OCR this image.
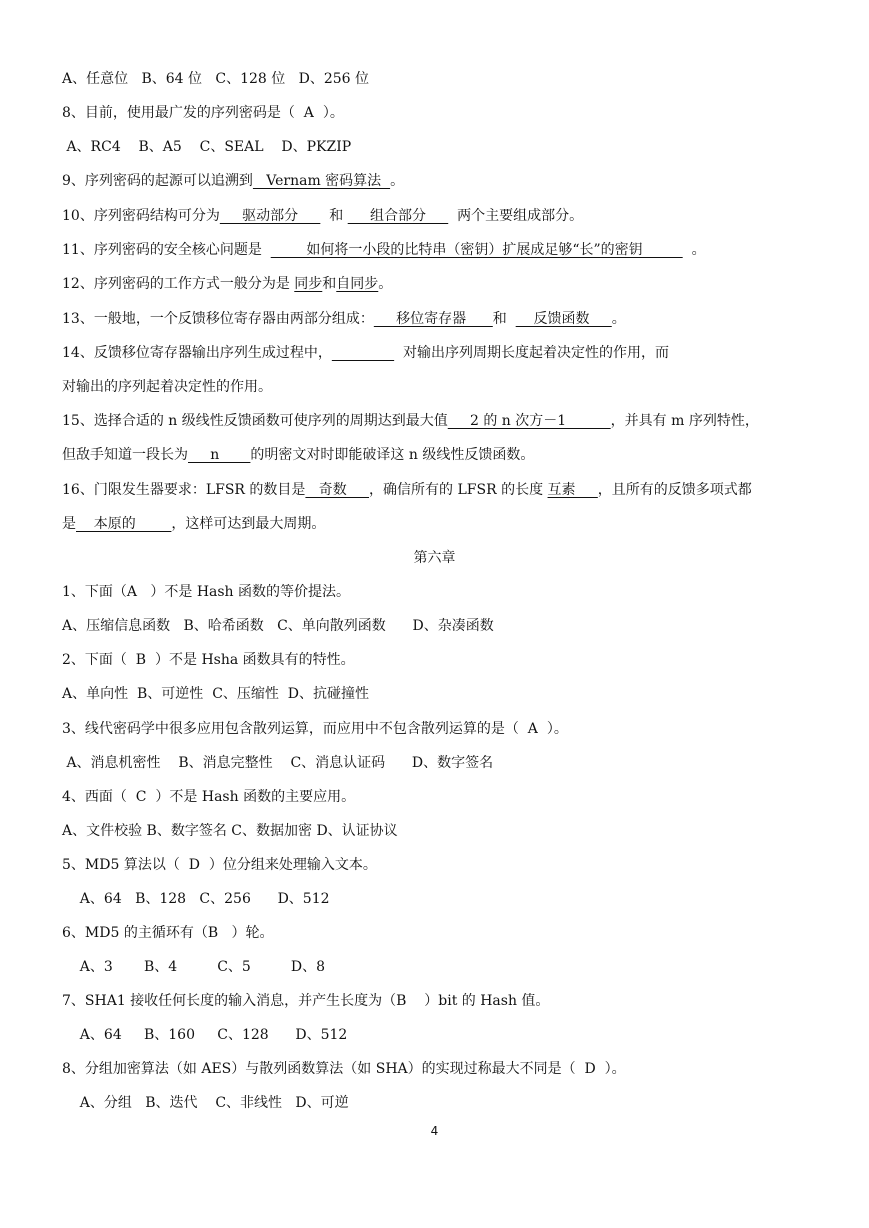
A、任意位   B、64 位   C、128 位   D、256 位
8、目前，使用最广发的序列密码是（  A  ）。
A、RC4    B、A5    C、SEAL    D、PKZIP
9、序列密码的起源可以追溯到   Vernam 密码算法  。
10、序列密码结构可分为     驱动部分       和      组合部分       两个主要组成部分。
11、序列密码的安全核心问题是          如何将一小段的比特串（密钥）扩展成足够“长”的密钥           。
12、序列密码的工作方式一般分为是 同步和自同步。
13、一般地，一个反馈移位寄存器由两部分组成：     移位寄存器      和      反馈函数     。
14、反馈移位寄存器输出序列生成过程中，	对输出序列周期长度起着决定性的作用，而
对输出的序列起着决定性的作用。
15、选择合适的 n 级线性反馈函数可使序列的周期达到最大值     2 的 n 次方－1          ，并具有 m 序列特性，
但敌手知道一段长为     n       的明密文对时即能破译这 n 级线性反馈函数。
16、门限发生器要求：LFSR 的数目是   奇数     ，确信所有的 LFSR 的长度 互素     ，且所有的反馈多项式都
是    本原的        ，这样可达到最大周期。
第六章
1、下面（A   ）不是 Hash 函数的等价提法。
A、压缩信息函数   B、哈希函数   C、单向散列函数      D、杂凑函数
2、下面（  B  ）不是 Hsha 函数具有的特性。
A、单向性  B、可逆性  C、压缩性  D、抗碰撞性
3、线代密码学中很多应用包含散列运算，而应用中不包含散列运算的是（  A  ）。
A、消息机密性    B、消息完整性    C、消息认证码      D、数字签名
4、西面（  C  ）不是 Hash 函数的主要应用。
A、文件校验 B、数字签名 C、数据加密 D、认证协议
5、MD5 算法以（  D  ）位分组来处理输入文本。
A、64   B、128   C、256      D、512
6、MD5 的主循环有（B   ）轮。
A、3       B、4         C、5         D、8
7、SHA1 接收任何长度的输入消息，并产生长度为（B    ）bit 的 Hash 值。
A、64     B、160     C、128      D、512
8、分组加密算法（如 AES）与散列函数算法（如 SHA）的实现过称最大不同是（  D  ）。
A、分组   B、迭代    C、非线性   D、可逆
4
